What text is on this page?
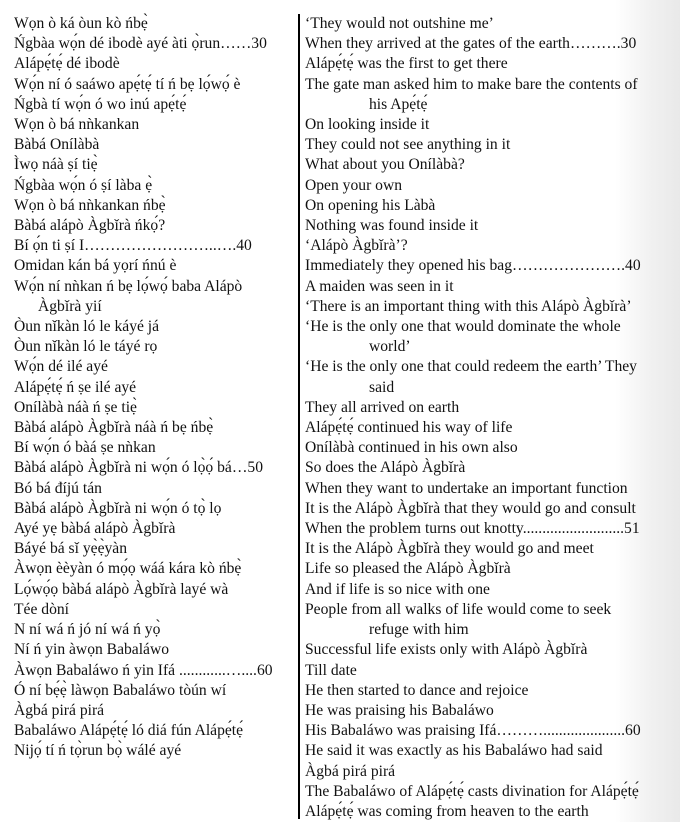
Wọn ò ká òun kò ńbẹ̀
Ńgbàa wọ́n dé ibodè ayé àti ọ̀run……30
Alápẹ́tẹ́ dé ibodè
Wọ́n ní ó saáwo apẹ́tẹ́ tí ń bẹ lọ́wọ́ è
Ńgbà tí wọ́n ó wo inú apẹ́tẹ́
Wọn ò bá nǹkankan
Bàbá Onílàbà
Ìwọ náà ṣí tiẹ̀
Ńgbàa wọ́n ó ṣí làba ẹ̀
Wọn ò bá nǹkankan ńbẹ̀
Bàbá alápò Àgbǐrà ńkọ́?
Bí ọ́n ti ṣí I……………………..….40
Omidan kán bá yọrí ńnú è
Wọ́n ní nǹkan ń bẹ lọ́wọ́ baba Alápò
Àgbǐrà yií
Òun nǐkàn ló le káyé já
Òun nǐkàn ló le táyé rọ
Wọ́n dé ilé ayé
Alápẹ́tẹ́ ń ṣe ilé ayé
Onílàbà náà ń ṣe tiẹ̀
Bàbá alápò Àgbǐrà náà ń bẹ ńbẹ̀
Bí wọ́n ó bàá ṣe nǹkan
Bàbá alápò Àgbǐrà ni wọ́n ó lọ̀ọ́ bá…50
Bó bá đíjú tán
Bàbá alápò Àgbǐrà ni wọ́n ó tọ̀ lọ
Ayé yẹ bàbá alápò Àgbǐrà
Báyé bá sǐ yẹ̀ẹ̀yàn
Àwọn èèyàn ó mọ́ọ wáá kára kò ńbẹ̀
Lọ́wọ́ọ bàbá alápò Àgbǐrà layé wà
Tée dòní
N ní wá ń jó ní wá ń yọ̀
Ní ń yin àwọn Babaláwo
Àwọn Babaláwo ń yin Ifá ............…....60
Ó ní bẹ́ẹ̀ làwọn Babaláwo tòún wí
Àgbá pirá pirá
Babaláwo Alápẹ́tẹ́ ló diá fún Alápẹ́tẹ́
Nijọ́ tí ń tọ̀run bọ̀ wálé ayé
‘They would not outshine me’
When they arrived at the gates of the earth……….30
Alápẹ́tẹ́ was the first to get there
The gate man asked him to make bare the contents of
his Apẹ́tẹ́
On looking inside it
They could not see anything in it
What about you Onílàbà?
Open your own
On opening his Làbà
Nothing was found inside it
‘Alápò Àgbǐrà’?
Immediately they opened his bag………………….40
A maiden was seen in it
‘There is an important thing with this Alápò Àgbǐrà’
‘He is the only one that would dominate the whole
world’
‘He is the only one that could redeem the earth’ They
said
They all arrived on earth
Alápẹ́tẹ́ continued his way of life
Onílàbà continued in his own also
So does the Alápò Àgbǐrà
When they want to undertake an important function
It is the Alápò Àgbǐrà that they would go and consult
When the problem turns out knotty..........................51
It is the Alápò Àgbǐrà they would go and meet
Life so pleased the Alápò Àgbǐrà
And if life is so nice with one
People from all walks of life would come to seek
refuge with him
Successful life exists only with Alápò Àgbǐrà
Till date
He then started to dance and rejoice
He was praising his Babaláwo
His Babaláwo was praising Ifá……….....................60
He said it was exactly as his Babaláwo had said
Àgbá pirá pirá
The Babaláwo of Alápẹ́tẹ́ casts divination for Alápẹ́tẹ́
Alápẹ́tẹ́ was coming from heaven to the earth
